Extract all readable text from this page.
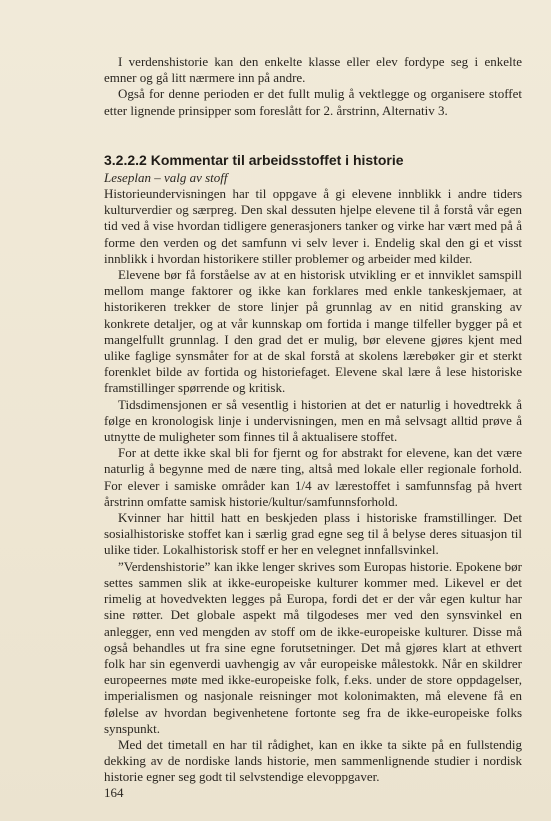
I verdenshistorie kan den enkelte klasse eller elev fordype seg i enkelte emner og gå litt nærmere inn på andre.

Også for denne perioden er det fullt mulig å vektlegge og organisere stoffet etter lignende prinsipper som foreslått for 2. årstrinn, Alternativ 3.

3.2.2.2 Kommentar til arbeidsstoffet i historie

Leseplan – valg av stoff

Historieundervisningen har til oppgave å gi elevene innblikk i andre tiders kulturverdier og særpreg. Den skal dessuten hjelpe elevene til å forstå vår egen tid ved å vise hvordan tidligere generasjoners tanker og virke har vært med på å forme den verden og det samfunn vi selv lever i. Endelig skal den gi et visst innblikk i hvordan historikere stiller problemer og arbeider med kilder.

Elevene bør få forståelse av at en historisk utvikling er et innviklet samspill mellom mange faktorer og ikke kan forklares med enkle tankeskjemaer, at historikeren trekker de store linjer på grunnlag av en nitid gransking av konkrete detaljer, og at vår kunnskap om fortida i mange tilfeller bygger på et mangelfullt grunnlag. I den grad det er mulig, bør elevene gjøres kjent med ulike faglige synsmåter for at de skal forstå at skolens lærebøker gir et sterkt forenklet bilde av fortida og historiefaget. Elevene skal lære å lese historiske framstillinger spørrende og kritisk.

Tidsdimensjonen er så vesentlig i historien at det er naturlig i hovedtrekk å følge en kronologisk linje i undervisningen, men en må selvsagt alltid prøve å utnytte de muligheter som finnes til å aktualisere stoffet.

For at dette ikke skal bli for fjernt og for abstrakt for elevene, kan det være naturlig å begynne med de nære ting, altså med lokale eller regionale forhold. For elever i samiske områder kan 1/4 av lærestoffet i samfunnsfag på hvert årstrinn omfatte samisk historie/kultur/samfunnsforhold.

Kvinner har hittil hatt en beskjeden plass i historiske framstillinger. Det sosialhistoriske stoffet kan i særlig grad egne seg til å belyse deres situasjon til ulike tider. Lokalhistorisk stoff er her en velegnet innfallsvinkel.

”Verdenshistorie” kan ikke lenger skrives som Europas historie. Epokene bør settes sammen slik at ikke-europeiske kulturer kommer med. Likevel er det rimelig at hovedvekten legges på Europa, fordi det er der vår egen kultur har sine røtter. Det globale aspekt må tilgodeses mer ved den synsvinkel en anlegger, enn ved mengden av stoff om de ikke-europeiske kulturer. Disse må også behandles ut fra sine egne forutsetninger. Det må gjøres klart at ethvert folk har sin egenverdi uavhengig av vår europeiske målestokk. Når en skildrer europeernes møte med ikke-europeiske folk, f.eks. under de store oppdagelser, imperialismen og nasjonale reisninger mot kolonimakten, må elevene få en følelse av hvordan begivenhetene fortonte seg fra de ikke-europeiske folks synspunkt.

Med det timetall en har til rådighet, kan en ikke ta sikte på en fullstendig dekking av de nordiske lands historie, men sammenlignende studier i nordisk historie egner seg godt til selvstendige elevoppgaver.

164
